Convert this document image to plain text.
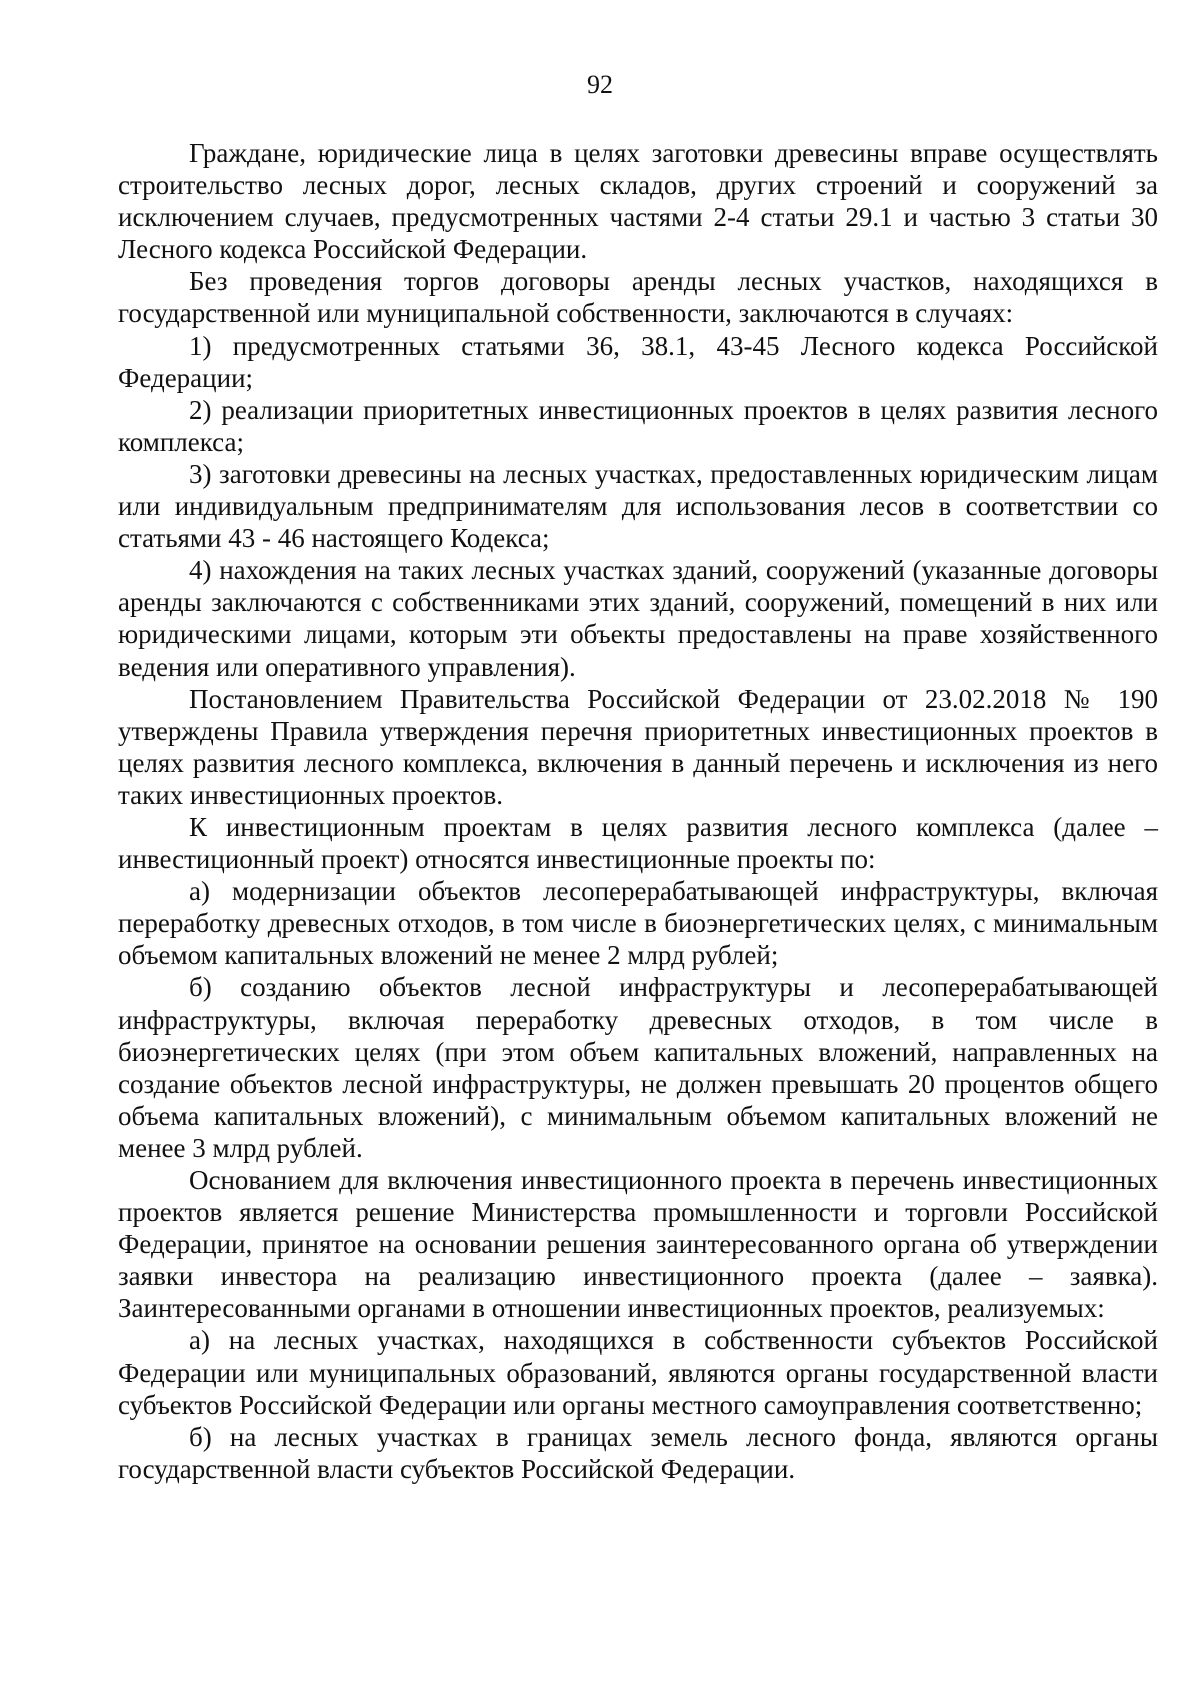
92

Граждане, юридические лица в целях заготовки древесины вправе осуществлять строительство лесных дорог, лесных складов, других строений и сооружений за исключением случаев, предусмотренных частями 2-4 статьи 29.1 и частью 3 статьи 30 Лесного кодекса Российской Федерации.

Без проведения торгов договоры аренды лесных участков, находящихся в государственной или муниципальной собственности, заключаются в случаях:

1) предусмотренных статьями 36, 38.1, 43-45 Лесного кодекса Российской Федерации;

2) реализации приоритетных инвестиционных проектов в целях развития лесного комплекса;

3) заготовки древесины на лесных участках, предоставленных юридическим лицам или индивидуальным предпринимателям для использования лесов в соответствии со статьями 43 - 46 настоящего Кодекса;

4) нахождения на таких лесных участках зданий, сооружений (указанные договоры аренды заключаются с собственниками этих зданий, сооружений, помещений в них или юридическими лицами, которым эти объекты предоставлены на праве хозяйственного ведения или оперативного управления).

Постановлением Правительства Российской Федерации от 23.02.2018 № 190 утверждены Правила утверждения перечня приоритетных инвестиционных проектов в целях развития лесного комплекса, включения в данный перечень и исключения из него таких инвестиционных проектов.

К инвестиционным проектам в целях развития лесного комплекса (далее – инвестиционный проект) относятся инвестиционные проекты по:

а) модернизации объектов лесоперерабатывающей инфраструктуры, включая переработку древесных отходов, в том числе в биоэнергетических целях, с минимальным объемом капитальных вложений не менее 2 млрд рублей;

б) созданию объектов лесной инфраструктуры и лесоперерабатывающей инфраструктуры, включая переработку древесных отходов, в том числе в биоэнергетических целях (при этом объем капитальных вложений, направленных на создание объектов лесной инфраструктуры, не должен превышать 20 процентов общего объема капитальных вложений), с минимальным объемом капитальных вложений не менее 3 млрд рублей.

Основанием для включения инвестиционного проекта в перечень инвестиционных проектов является решение Министерства промышленности и торговли Российской Федерации, принятое на основании решения заинтересованного органа об утверждении заявки инвестора на реализацию инвестиционного проекта (далее – заявка). Заинтересованными органами в отношении инвестиционных проектов, реализуемых:

а) на лесных участках, находящихся в собственности субъектов Российской Федерации или муниципальных образований, являются органы государственной власти субъектов Российской Федерации или органы местного самоуправления соответственно;

б) на лесных участках в границах земель лесного фонда, являются органы государственной власти субъектов Российской Федерации.
